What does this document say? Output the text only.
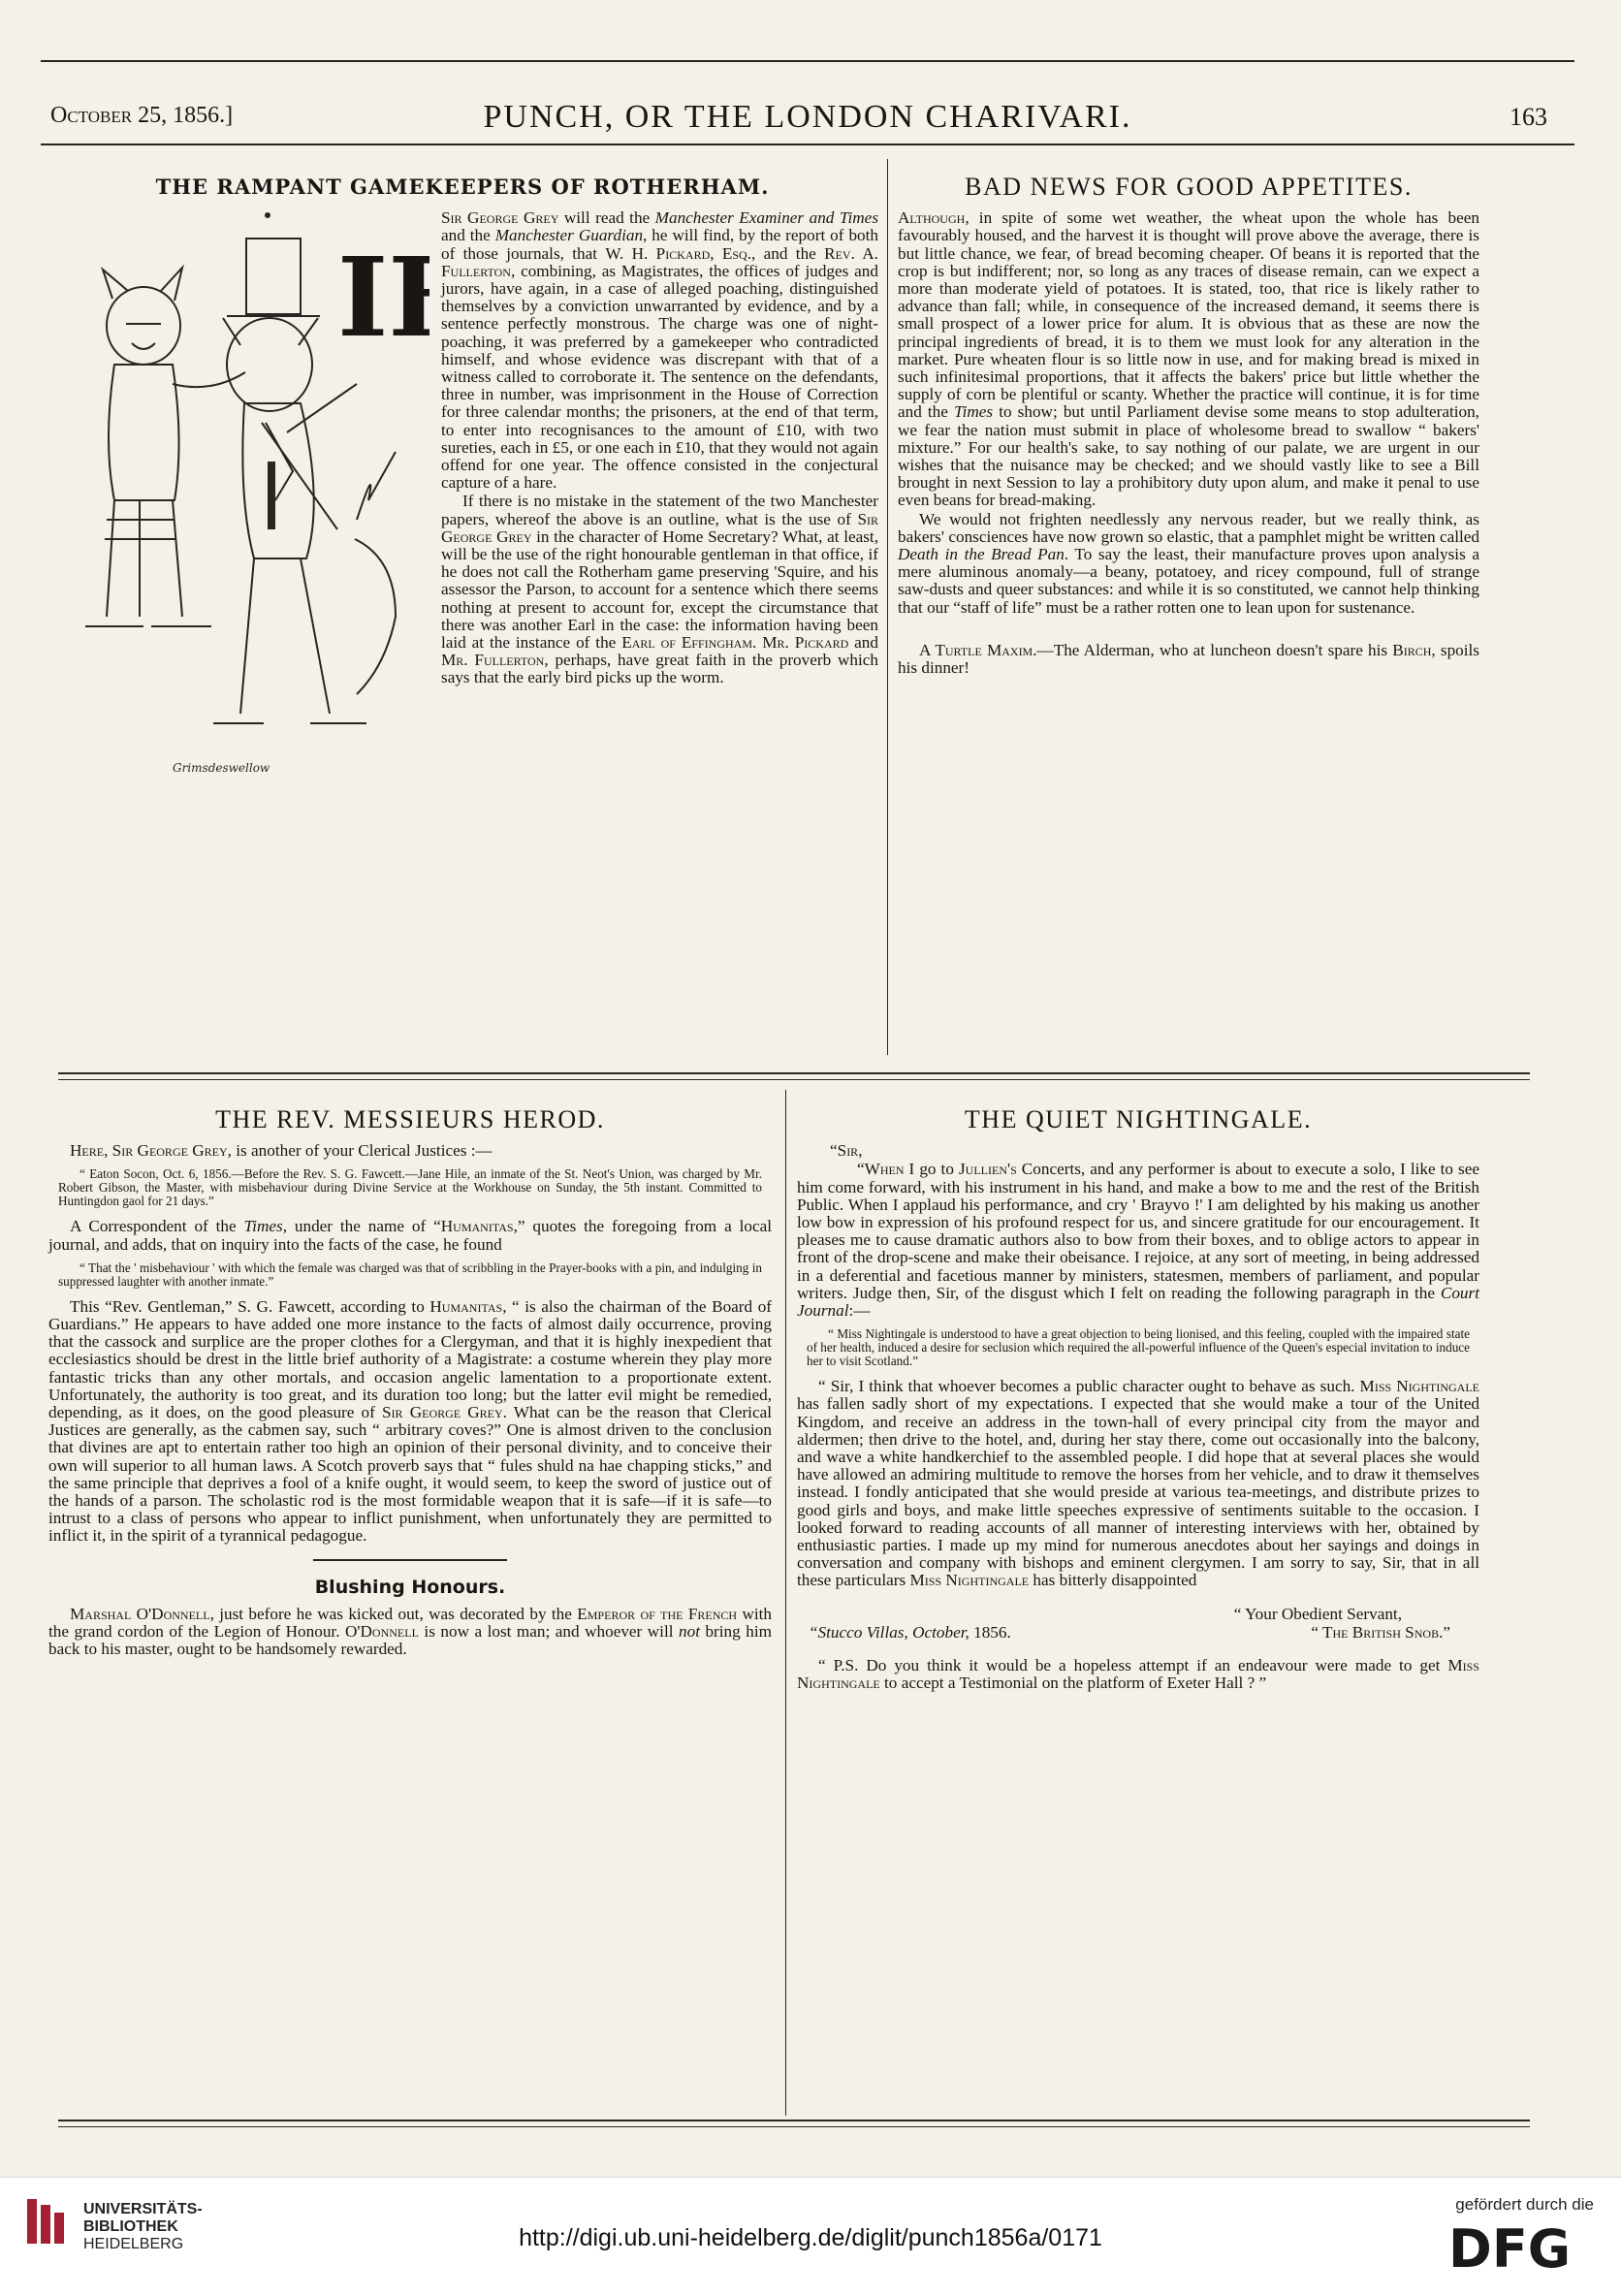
October 25, 1856.]	PUNCH, OR THE LONDON CHARIVARI.	163
THE RAMPANT GAMEKEEPERS OF ROTHERHAM.
IF
Grimsdeswellow

Sir George Grey will read the Manchester Examiner and Times and the Manchester Guardian, he will find, by the report of both of those journals, that W. H. Pickard, Esq., and the Rev. A. Fullerton, combining, as Magistrates, the offices of judges and jurors, have again, in a case of alleged poaching, distinguished themselves by a conviction unwarranted by evidence, and by a sentence perfectly monstrous. The charge was one of night-poaching, it was preferred by a gamekeeper who contradicted himself, and whose evidence was discrepant with that of a witness called to corroborate it. The sentence on the defendants, three in number, was imprisonment in the House of Correction for three calendar months; the prisoners, at the end of that term, to enter into recognisances to the amount of £10, with two sureties, each in £5, or one each in £10, that they would not again offend for one year. The offence consisted in the conjectural capture of a hare.

If there is no mistake in the statement of the two Manchester papers, whereof the above is an outline, what is the use of Sir George Grey in the character of Home Secretary? What, at least, will be the use of the right honourable gentleman in that office, if he does not call the Rotherham game preserving 'Squire, and his assessor the Parson, to account for a sentence which there seems nothing at present to account for, except the circumstance that there was another Earl in the case: the information having been laid at the instance of the Earl of Effingham. Mr. Pickard and Mr. Fullerton, perhaps, have great faith in the proverb which says that the early bird picks up the worm.

BAD NEWS FOR GOOD APPETITES.

Although, in spite of some wet weather, the wheat upon the whole has been favourably housed, and the harvest it is thought will prove above the average, there is but little chance, we fear, of bread becoming cheaper. Of beans it is reported that the crop is but indifferent; nor, so long as any traces of disease remain, can we expect a more than moderate yield of potatoes. It is stated, too, that rice is likely rather to advance than fall; while, in consequence of the increased demand, it seems there is small prospect of a lower price for alum. It is obvious that as these are now the principal ingredients of bread, it is to them we must look for any alteration in the market. Pure wheaten flour is so little now in use, and for making bread is mixed in such infinitesimal proportions, that it affects the bakers' price but little whether the supply of corn be plentiful or scanty. Whether the practice will continue, it is for time and the Times to show; but until Parliament devise some means to stop adulteration, we fear the nation must submit in place of wholesome bread to swallow “ bakers' mixture.” For our health's sake, to say nothing of our palate, we are urgent in our wishes that the nuisance may be checked; and we should vastly like to see a Bill brought in next Session to lay a prohibitory duty upon alum, and make it penal to use even beans for bread-making.

We would not frighten needlessly any nervous reader, but we really think, as bakers' consciences have now grown so elastic, that a pamphlet might be written called Death in the Bread Pan. To say the least, their manufacture proves upon analysis a mere aluminous anomaly—a beany, potatoey, and ricey compound, full of strange saw-dusts and queer substances: and while it is so constituted, we cannot help thinking that our “staff of life” must be a rather rotten one to lean upon for sustenance.

A Turtle Maxim.—The Alderman, who at luncheon doesn't spare his Birch, spoils his dinner!

THE REV. MESSIEURS HEROD.

Here, Sir George Grey, is another of your Clerical Justices :—

“ Eaton Socon, Oct. 6, 1856.—Before the Rev. S. G. Fawcett.—Jane Hile, an inmate of the St. Neot's Union, was charged by Mr. Robert Gibson, the Master, with misbehaviour during Divine Service at the Workhouse on Sunday, the 5th instant. Committed to Huntingdon gaol for 21 days.”

A Correspondent of the Times, under the name of “Humanitas,” quotes the foregoing from a local journal, and adds, that on inquiry into the facts of the case, he found

“ That the ' misbehaviour ' with which the female was charged was that of scribbling in the Prayer-books with a pin, and indulging in suppressed laughter with another inmate.”

This “Rev. Gentleman,” S. G. Fawcett, according to Humanitas, “ is also the chairman of the Board of Guardians.” He appears to have added one more instance to the facts of almost daily occurrence, proving that the cassock and surplice are the proper clothes for a Clergyman, and that it is highly inexpedient that ecclesiastics should be drest in the little brief authority of a Magistrate: a costume wherein they play more fantastic tricks than any other mortals, and occasion angelic lamentation to a proportionate extent. Unfortunately, the authority is too great, and its duration too long; but the latter evil might be remedied, depending, as it does, on the good pleasure of Sir George Grey. What can be the reason that Clerical Justices are generally, as the cabmen say, such “ arbitrary coves?” One is almost driven to the conclusion that divines are apt to entertain rather too high an opinion of their personal divinity, and to conceive their own will superior to all human laws. A Scotch proverb says that “ fules shuld na hae chapping sticks,” and the same principle that deprives a fool of a knife ought, it would seem, to keep the sword of justice out of the hands of a parson. The scholastic rod is the most formidable weapon that it is safe—if it is safe—to intrust to a class of persons who appear to inflict punishment, when unfortunately they are permitted to inflict it, in the spirit of a tyrannical pedagogue.

Blushing Honours.

Marshal O'Donnell, just before he was kicked out, was decorated by the Emperor of the French with the grand cordon of the Legion of Honour. O'Donnell is now a lost man; and whoever will not bring him back to his master, ought to be handsomely rewarded.

THE QUIET NIGHTINGALE.

“Sir,

“When I go to Jullien's Concerts, and any performer is about to execute a solo, I like to see him come forward, with his instrument in his hand, and make a bow to me and the rest of the British Public. When I applaud his performance, and cry ' Brayvo !' I am delighted by his making us another low bow in expression of his profound respect for us, and sincere gratitude for our encouragement. It pleases me to cause dramatic authors also to bow from their boxes, and to oblige actors to appear in front of the drop-scene and make their obeisance. I rejoice, at any sort of meeting, in being addressed in a deferential and facetious manner by ministers, statesmen, members of parliament, and popular writers. Judge then, Sir, of the disgust which I felt on reading the following paragraph in the Court Journal:—

“ Miss Nightingale is understood to have a great objection to being lionised, and this feeling, coupled with the impaired state of her health, induced a desire for seclusion which required the all-powerful influence of the Queen's especial invitation to induce her to visit Scotland.”

“ Sir, I think that whoever becomes a public character ought to behave as such. Miss Nightingale has fallen sadly short of my expectations. I expected that she would make a tour of the United Kingdom, and receive an address in the town-hall of every principal city from the mayor and aldermen; then drive to the hotel, and, during her stay there, come out occasionally into the balcony, and wave a white handkerchief to the assembled people. I did hope that at several places she would have allowed an admiring multitude to remove the horses from her vehicle, and to draw it themselves instead. I fondly anticipated that she would preside at various tea-meetings, and distribute prizes to good girls and boys, and make little speeches expressive of sentiments suitable to the occasion. I looked forward to reading accounts of all manner of interesting interviews with her, obtained by enthusiastic parties. I made up my mind for numerous anecdotes about her sayings and doings in conversation and company with bishops and eminent clergymen. I am sorry to say, Sir, that in all these particulars Miss Nightingale has bitterly disappointed

“ Your Obedient Servant,

“Stucco Villas, October, 1856.	“ The British Snob.”

“ P.S. Do you think it would be a hopeless attempt if an endeavour were made to get Miss Nightingale to accept a Testimonial on the platform of Exeter Hall ? ”

UNIVERSITÄTS-
BIBLIOTHEK
HEIDELBERG	http://digi.ub.uni-heidelberg.de/diglit/punch1856a/0171
gefördert durch die
DFG
